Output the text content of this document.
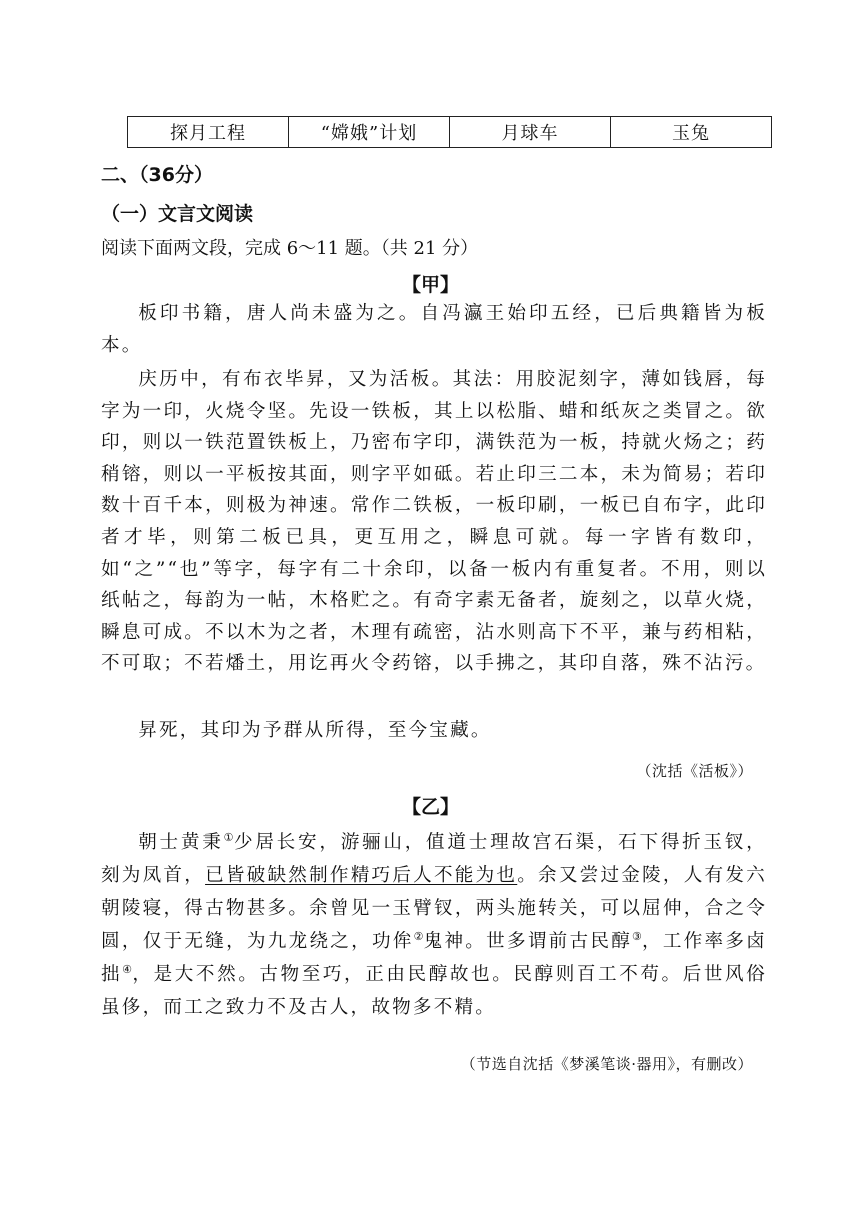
探月工程	“嫦娥”计划	月球车	玉兔
二、（36分）
（一）文言文阅读
阅读下面两文段，完成 6～11 题。（共 21 分）
【甲】
板印书籍，唐人尚未盛为之。自冯瀛王始印五经，已后典籍皆为板本。
庆历中，有布衣毕昇，又为活板。其法：用胶泥刻字，薄如钱唇，每字为一印，火烧令坚。先设一铁板，其上以松脂、蜡和纸灰之类冒之。欲印，则以一铁范置铁板上，乃密布字印，满铁范为一板，持就火炀之；药稍镕，则以一平板按其面，则字平如砥。若止印三二本，未为简易；若印数十百千本，则极为神速。常作二铁板，一板印刷，一板已自布字，此印者才毕，则第二板已具，更互用之，瞬息可就。每一字皆有数印，如“之”“也”等字，每字有二十余印，以备一板内有重复者。不用，则以纸帖之，每韵为一帖，木格贮之。有奇字素无备者，旋刻之，以草火烧，瞬息可成。不以木为之者，木理有疏密，沾水则高下不平，兼与药相粘，不可取；不若燔土，用讫再火令药镕，以手拂之，其印自落，殊不沾污。
昇死，其印为予群从所得，至今宝藏。
（沈括《活板》）
【乙】
朝士黄秉①少居长安，游骊山，值道士理故宫石渠，石下得折玉钗，刻为凤首，已皆破缺然制作精巧后人不能为也。余又尝过金陵，人有发六朝陵寝，得古物甚多。余曾见一玉臂钗，两头施转关，可以屈伸，合之令圆，仅于无缝，为九龙绕之，功侔②鬼神。世多谓前古民醇③，工作率多卤拙④，是大不然。古物至巧，正由民醇故也。民醇则百工不苟。后世风俗虽侈，而工之致力不及古人，故物多不精。
（节选自沈括《梦溪笔谈·器用》，有删改）
